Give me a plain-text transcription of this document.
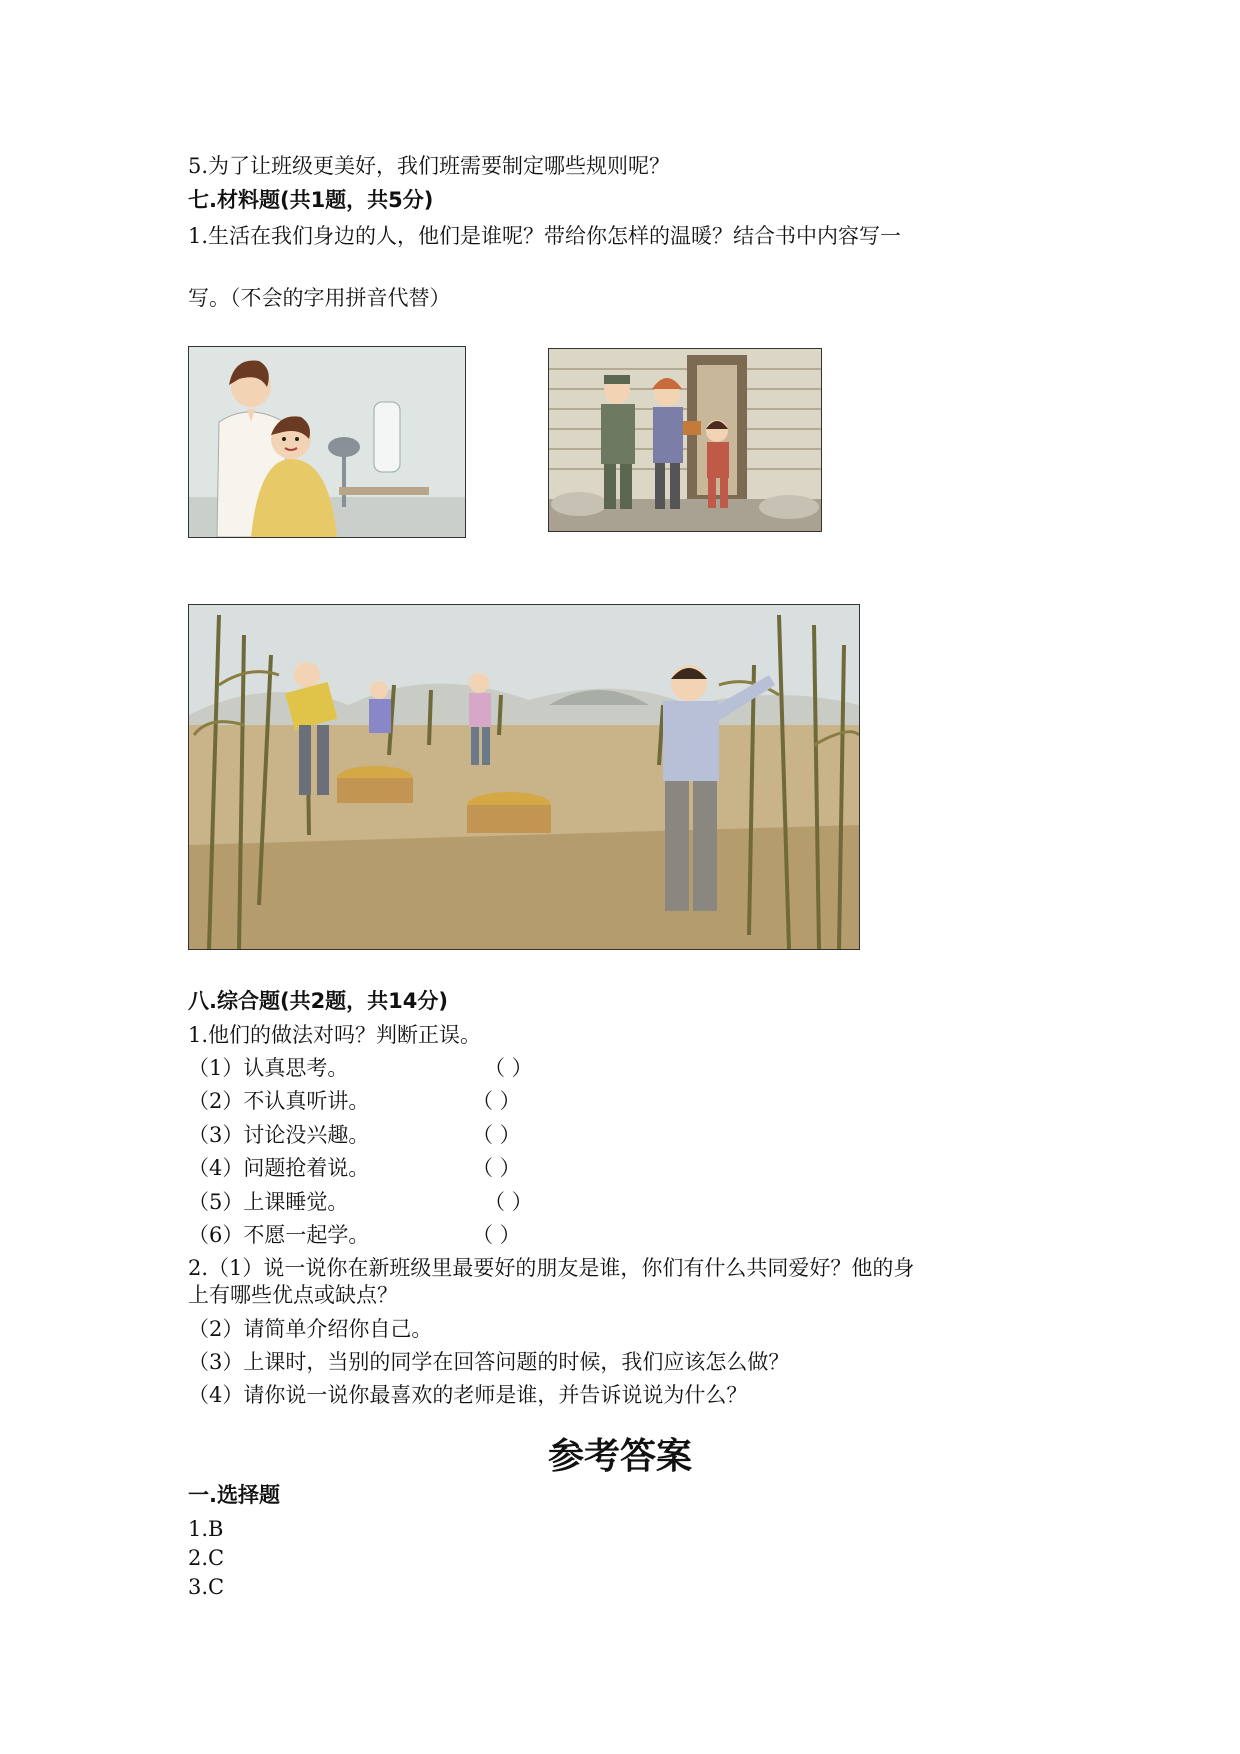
5.为了让班级更美好，我们班需要制定哪些规则呢？
七.材料题(共1题，共5分)
1.生活在我们身边的人，他们是谁呢？带给你怎样的温暖？结合书中内容写一
写。（不会的字用拼音代替）
八.综合题(共2题，共14分)
1.他们的做法对吗？判断正误。
（1）认真思考。	（ ）
（2）不认真听讲。	（ ）
（3）讨论没兴趣。	（ ）
（4）问题抢着说。	（ ）
（5）上课睡觉。	（ ）
（6）不愿一起学。	（ ）
2.（1）说一说你在新班级里最要好的朋友是谁，你们有什么共同爱好？他的身
上有哪些优点或缺点？
（2）请简单介绍你自己。
（3）上课时，当别的同学在回答问题的时候，我们应该怎么做？
（4）请你说一说你最喜欢的老师是谁，并告诉说说为什么？
参考答案
一.选择题
1.B
2.C
3.C
